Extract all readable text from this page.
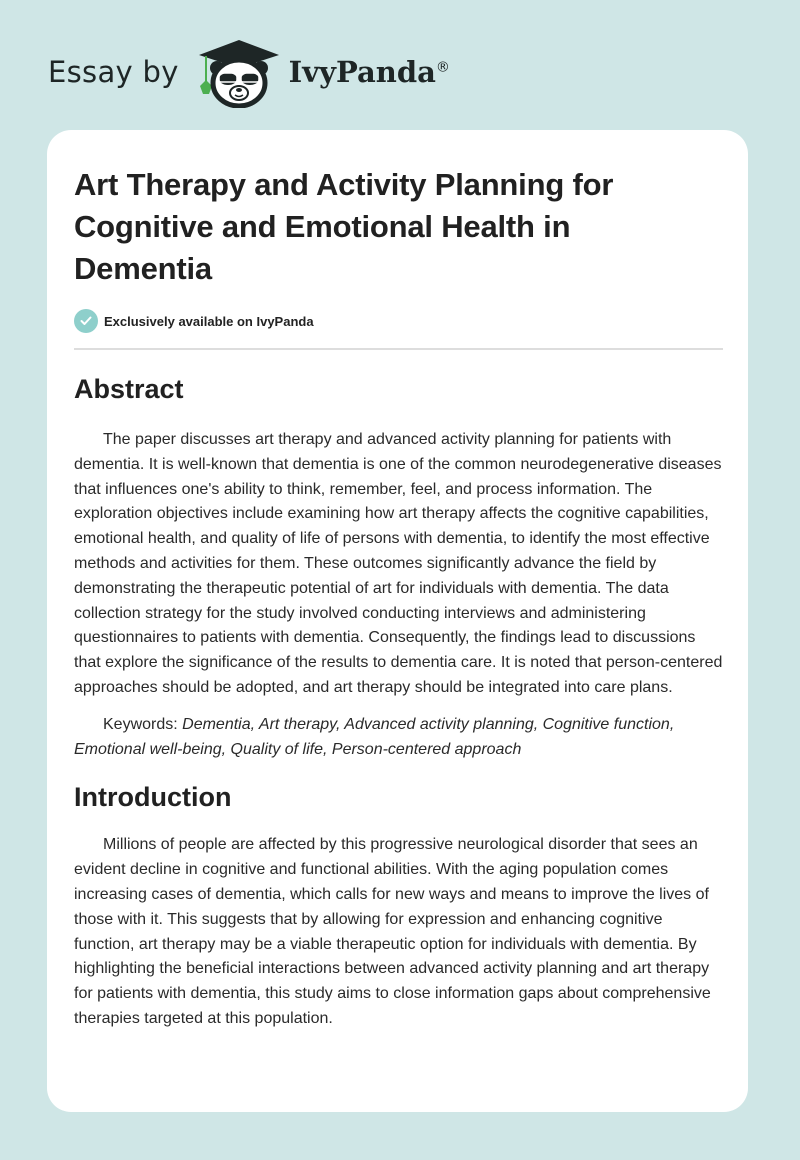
Essay by	IvyPanda®
Art Therapy and Activity Planning for Cognitive and Emotional Health in Dementia
Exclusively available on IvyPanda
Abstract

The paper discusses art therapy and advanced activity planning for patients with dementia. It is well-known that dementia is one of the common neurodegenerative diseases that influences one's ability to think, remember, feel, and process information. The exploration objectives include examining how art therapy affects the cognitive capabilities, emotional health, and quality of life of persons with dementia, to identify the most effective methods and activities for them. These outcomes significantly advance the field by demonstrating the therapeutic potential of art for individuals with dementia. The data collection strategy for the study involved conducting interviews and administering questionnaires to patients with dementia. Consequently, the findings lead to discussions that explore the significance of the results to dementia care. It is noted that person-centered approaches should be adopted, and art therapy should be integrated into care plans.

Keywords: Dementia, Art therapy, Advanced activity planning, Cognitive function, Emotional well-being, Quality of life, Person-centered approach

Introduction

Millions of people are affected by this progressive neurological disorder that sees an evident decline in cognitive and functional abilities. With the aging population comes increasing cases of dementia, which calls for new ways and means to improve the lives of those with it. This suggests that by allowing for expression and enhancing cognitive function, art therapy may be a viable therapeutic option for individuals with dementia. By highlighting the beneficial interactions between advanced activity planning and art therapy for patients with dementia, this study aims to close information gaps about comprehensive therapies targeted at this population.
